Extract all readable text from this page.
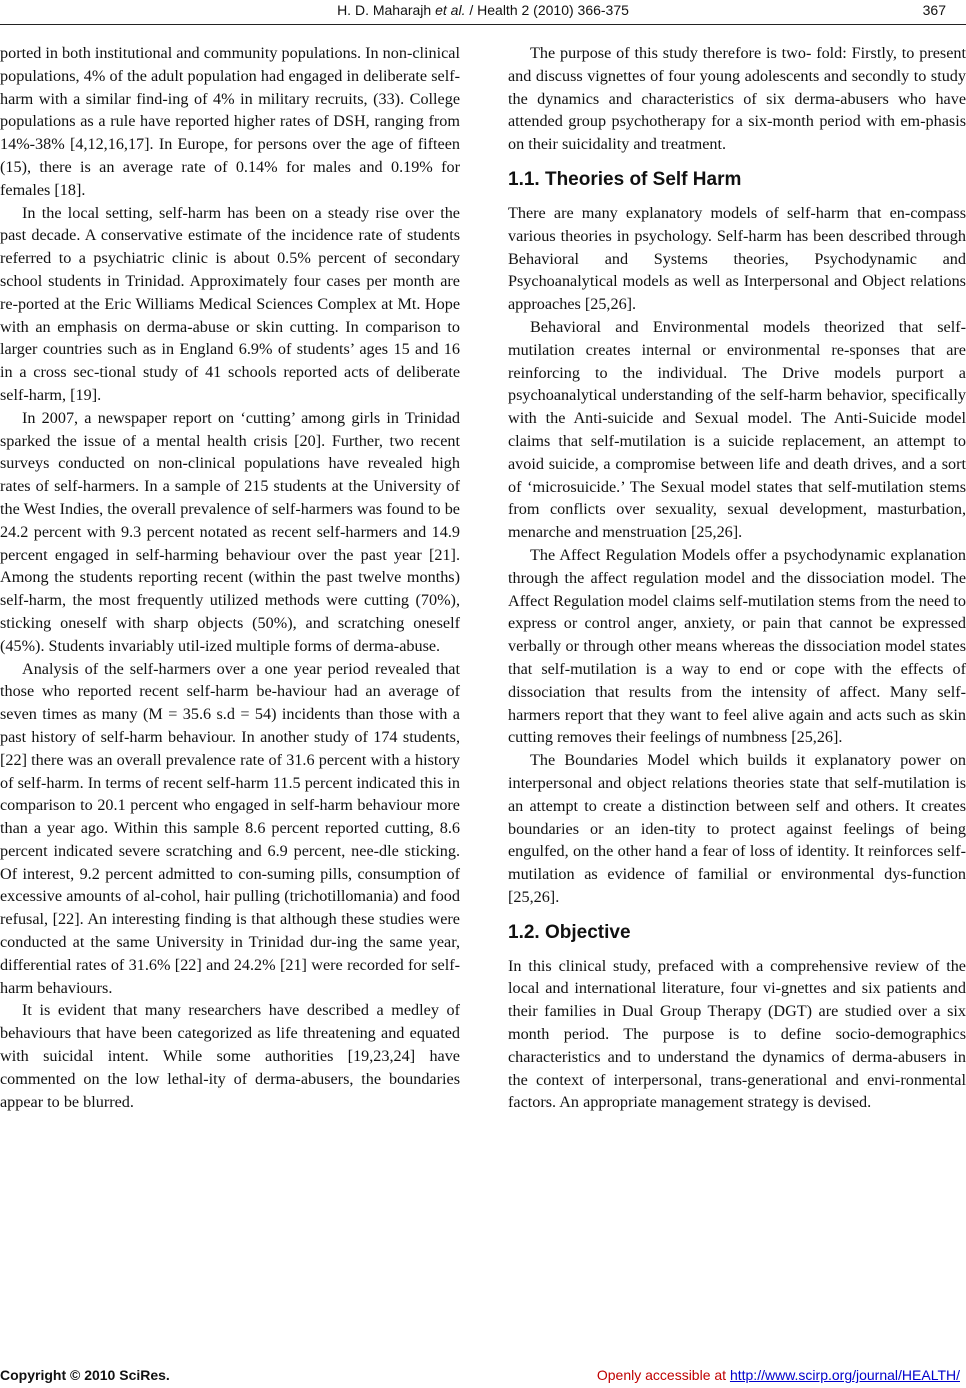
H. D. Maharajh et al. / Health 2 (2010) 366-375	367

ported in both institutional and community populations. In non-clinical populations, 4% of the adult population had engaged in deliberate self-harm with a similar find-ing of 4% in military recruits, (33). College populations as a rule have reported higher rates of DSH, ranging from 14%-38% [4,12,16,17]. In Europe, for persons over the age of fifteen (15), there is an average rate of 0.14% for males and 0.19% for females [18].

In the local setting, self-harm has been on a steady rise over the past decade. A conservative estimate of the incidence rate of students referred to a psychiatric clinic is about 0.5% percent of secondary school students in Trinidad. Approximately four cases per month are re-ported at the Eric Williams Medical Sciences Complex at Mt. Hope with an emphasis on derma-abuse or skin cutting. In comparison to larger countries such as in England 6.9% of students’ ages 15 and 16 in a cross sec-tional study of 41 schools reported acts of deliberate self-harm, [19].

In 2007, a newspaper report on ‘cutting’ among girls in Trinidad sparked the issue of a mental health crisis [20]. Further, two recent surveys conducted on non-clinical populations have revealed high rates of self-harmers. In a sample of 215 students at the University of the West Indies, the overall prevalence of self-harmers was found to be 24.2 percent with 9.3 percent notated as recent self-harmers and 14.9 percent engaged in self-harming behaviour over the past year [21]. Among the students reporting recent (within the past twelve months) self-harm, the most frequently utilized methods were cutting (70%), sticking oneself with sharp objects (50%), and scratching oneself (45%). Students invariably util-ized multiple forms of derma-abuse.

Analysis of the self-harmers over a one year period revealed that those who reported recent self-harm be-haviour had an average of seven times as many (M = 35.6 s.d = 54) incidents than those with a past history of self-harm behaviour. In another study of 174 students, [22] there was an overall prevalence rate of 31.6 percent with a history of self-harm. In terms of recent self-harm 11.5 percent indicated this in comparison to 20.1 percent who engaged in self-harm behaviour more than a year ago. Within this sample 8.6 percent reported cutting, 8.6 percent indicated severe scratching and 6.9 percent, nee-dle sticking. Of interest, 9.2 percent admitted to con-suming pills, consumption of excessive amounts of al-cohol, hair pulling (trichotillomania) and food refusal, [22]. An interesting finding is that although these studies were conducted at the same University in Trinidad dur-ing the same year, differential rates of 31.6% [22] and 24.2% [21] were recorded for self-harm behaviours.

It is evident that many researchers have described a medley of behaviours that have been categorized as life threatening and equated with suicidal intent. While some authorities [19,23,24] have commented on the low lethal-ity of derma-abusers, the boundaries appear to be blurred.

The purpose of this study therefore is two- fold: Firstly, to present and discuss vignettes of four young adolescents and secondly to study the dynamics and characteristics of six derma-abusers who have attended group psychotherapy for a six-month period with em-phasis on their suicidality and treatment.

1.1. Theories of Self Harm

There are many explanatory models of self-harm that en-compass various theories in psychology. Self-harm has been described through Behavioral and Systems theories, Psychodynamic and Psychoanalytical models as well as Interpersonal and Object relations approaches [25,26].

Behavioral and Environmental models theorized that self-mutilation creates internal or environmental re-sponses that are reinforcing to the individual. The Drive models purport a psychoanalytical understanding of the self-harm behavior, specifically with the Anti-suicide and Sexual model. The Anti-Suicide model claims that self-mutilation is a suicide replacement, an attempt to avoid suicide, a compromise between life and death drives, and a sort of ‘microsuicide.’ The Sexual model states that self-mutilation stems from conflicts over sexuality, sexual development, masturbation, menarche and menstruation [25,26].

The Affect Regulation Models offer a psychodynamic explanation through the affect regulation model and the dissociation model. The Affect Regulation model claims self-mutilation stems from the need to express or control anger, anxiety, or pain that cannot be expressed verbally or through other means whereas the dissociation model states that self-mutilation is a way to end or cope with the effects of dissociation that results from the intensity of affect. Many self-harmers report that they want to feel alive again and acts such as skin cutting removes their feelings of numbness [25,26].

The Boundaries Model which builds it explanatory power on interpersonal and object relations theories state that self-mutilation is an attempt to create a distinction between self and others. It creates boundaries or an iden-tity to protect against feelings of being engulfed, on the other hand a fear of loss of identity. It reinforces self-mutilation as evidence of familial or environmental dys-function [25,26].

1.2. Objective

In this clinical study, prefaced with a comprehensive review of the local and international literature, four vi-gnettes and six patients and their families in Dual Group Therapy (DGT) are studied over a six month period. The purpose is to define socio-demographics characteristics and to understand the dynamics of derma-abusers in the context of interpersonal, trans-generational and envi-ronmental factors. An appropriate management strategy is devised.

Copyright © 2010 SciRes.	Openly accessible at http://www.scirp.org/journal/HEALTH/
